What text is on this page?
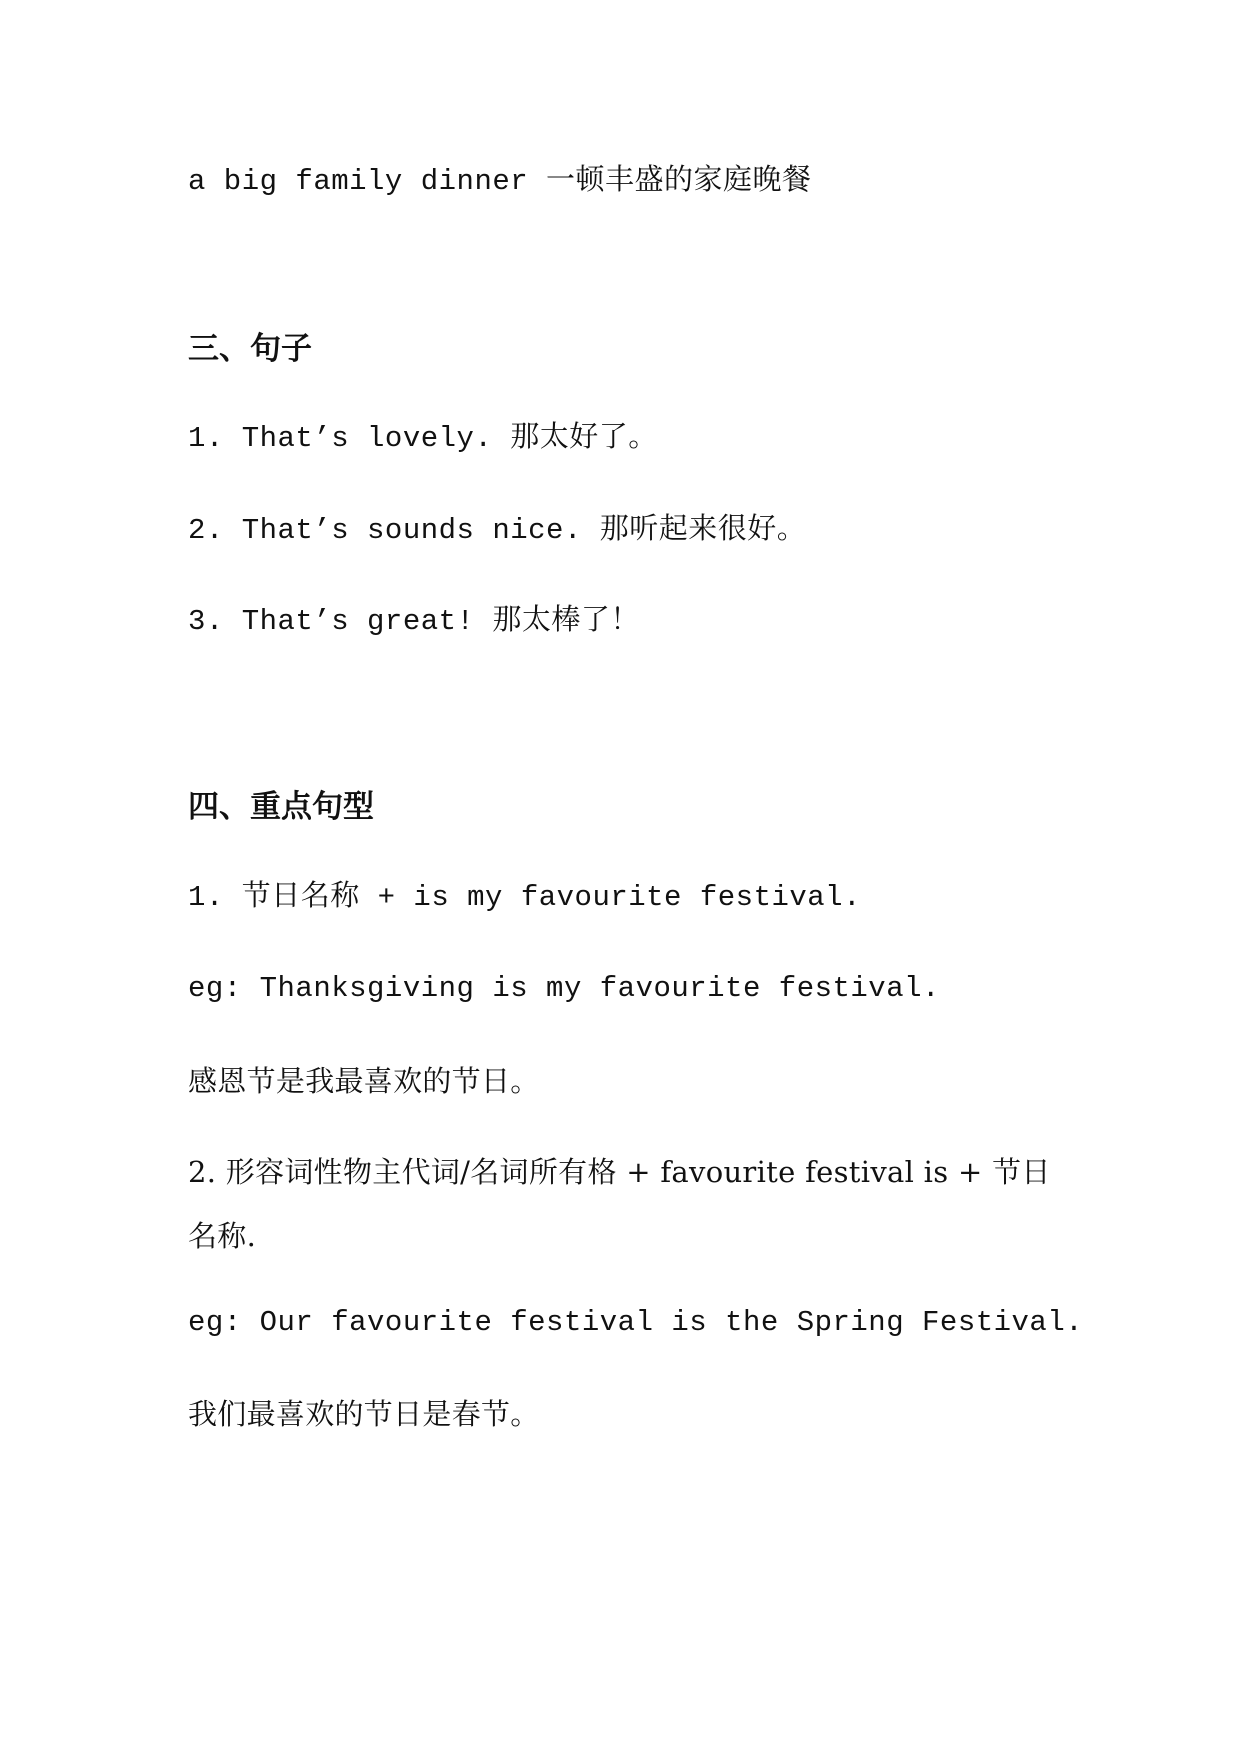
a big family dinner 一顿丰盛的家庭晚餐

三、句子

1. That’s lovely. 那太好了。

2. That’s sounds nice. 那听起来很好。

3. That’s great! 那太棒了！

四、重点句型

1. 节日名称 + is my favourite festival.

eg: Thanksgiving is my favourite festival.

感恩节是我最喜欢的节日。

2. 形容词性物主代词/名词所有格 + favourite festival is + 节日名称.

eg: Our favourite festival is the Spring Festival.

我们最喜欢的节日是春节。
